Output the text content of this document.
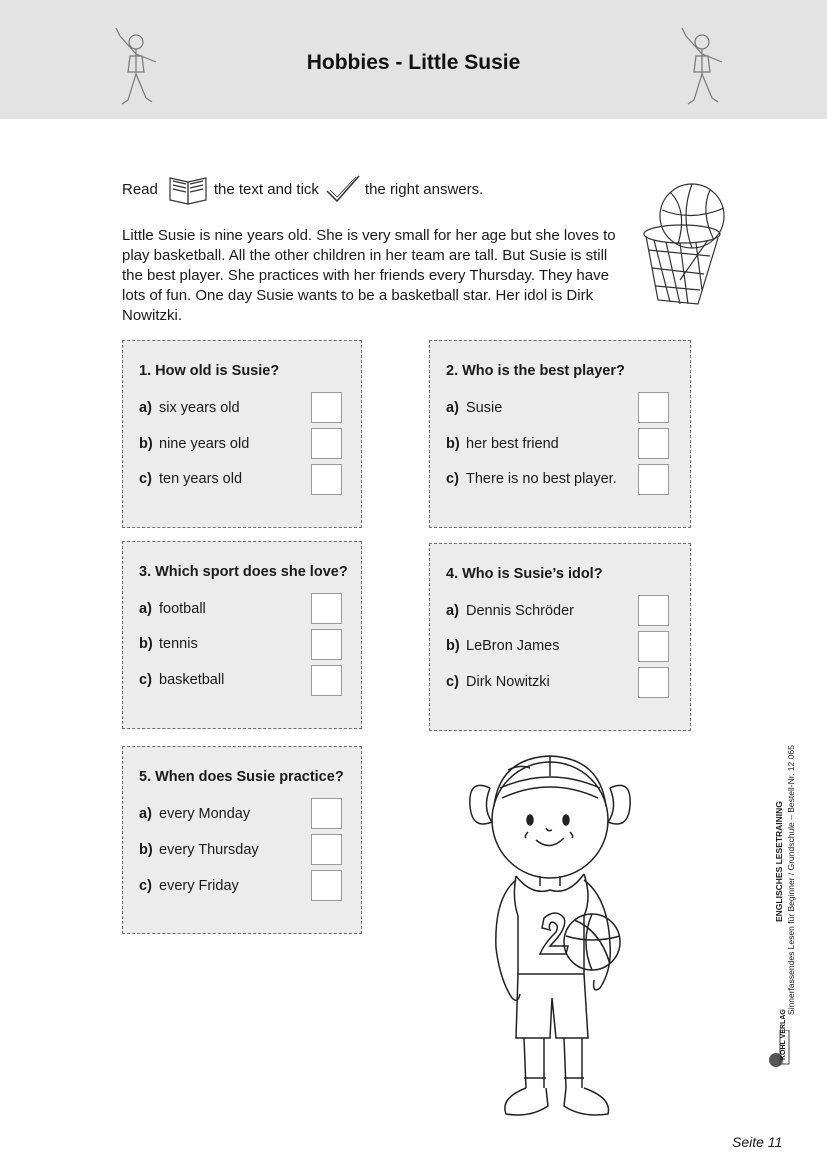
Hobbies - Little Susie
Read	the text and tick	the right answers.
Little Susie is nine years old. She is very small for her age but she loves to play basketball. All the other children in her team are tall. But Susie is still the best player. She practices with her friends every Thursday. They have lots of fun. One day Susie wants to be a basketball star. Her idol is Dirk Nowitzki.
1. How old is Susie?
a) six years old
b) nine years old
c) ten years old
2. Who is the best player?
a) Susie
b) her best friend
c) There is no best player.
3. Which sport does she love?
a) football
b) tennis
c) basketball
4. Who is Susie’s idol?
a) Dennis Schröder
b) LeBron James
c) Dirk Nowitzki
5. When does Susie practice?
a) every Monday
b) every Thursday
c) every Friday	ENGLISCHES LESETRAINING Sinnerfassendes Lesen für Beginner / Grundschule – Bestell-Nr. 12 065
KOHL VERLAG
Seite 11
